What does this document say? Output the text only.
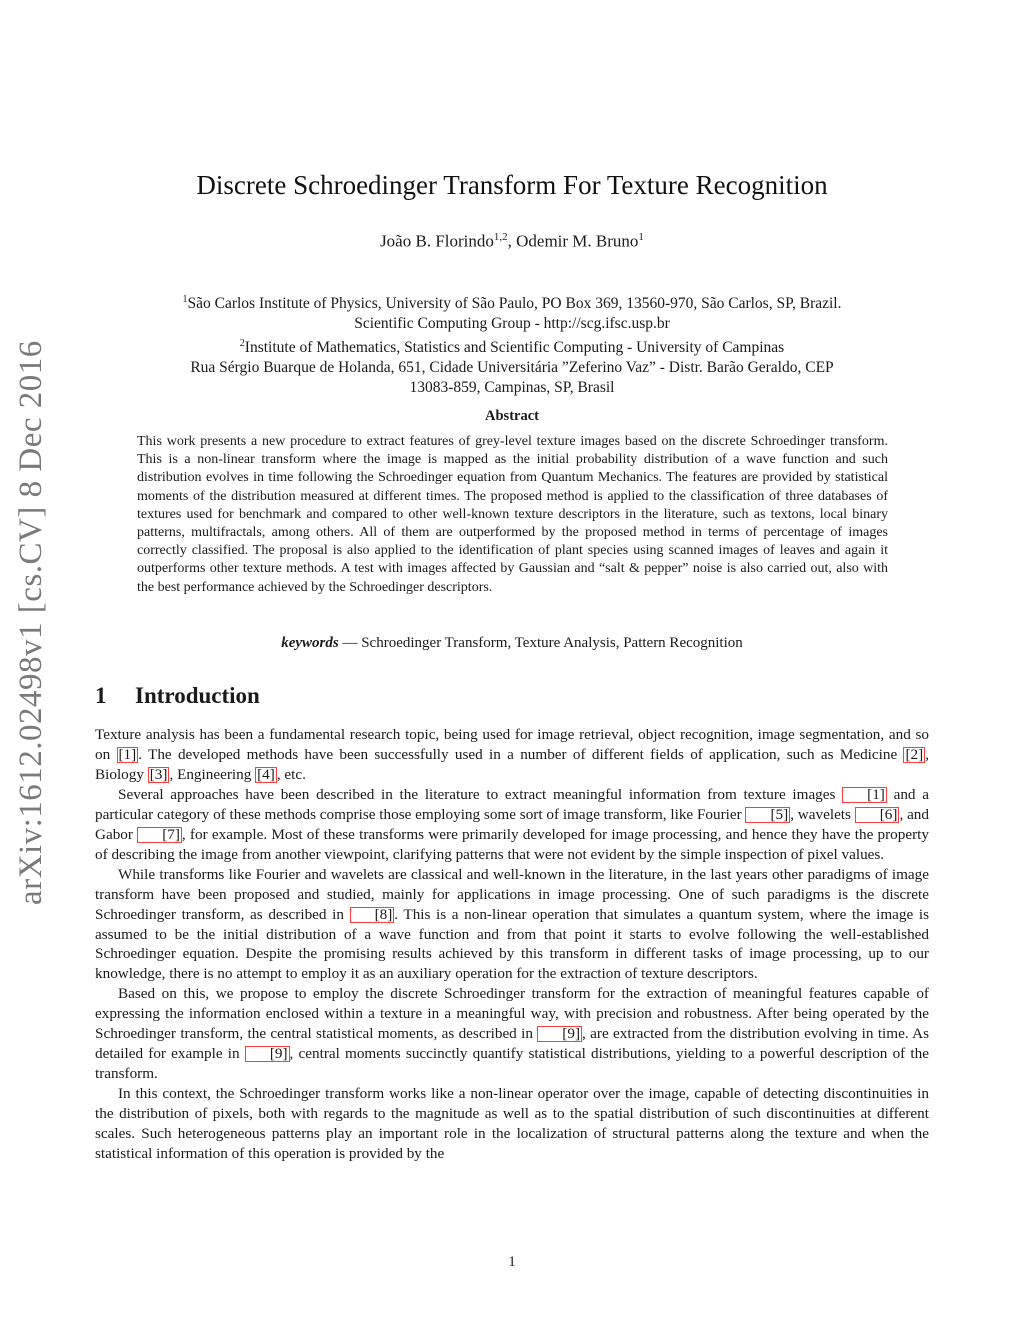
arXiv:1612.02498v1 [cs.CV] 8 Dec 2016
Discrete Schroedinger Transform For Texture Recognition
João B. Florindo$^{1,2}$, Odemir M. Bruno$^1$
$^1$São Carlos Institute of Physics, University of São Paulo, PO Box 369, 13560-970, São Carlos, SP, Brazil.
Scientific Computing Group - http://scg.ifsc.usp.br
$^2$Institute of Mathematics, Statistics and Scientific Computing - University of Campinas
Rua Sérgio Buarque de Holanda, 651, Cidade Universitária ”Zeferino Vaz” - Distr. Barão Geraldo, CEP
13083-859, Campinas, SP, Brasil
Abstract
This work presents a new procedure to extract features of grey-level texture images based on the discrete Schroedinger transform. This is a non-linear transform where the image is mapped as the initial probability distribution of a wave function and such distribution evolves in time following the Schroedinger equation from Quantum Mechanics. The features are provided by statistical moments of the distribution measured at different times. The proposed method is applied to the classification of three databases of textures used for benchmark and compared to other well-known texture descriptors in the literature, such as textons, local binary patterns, multifractals, among others. All of them are outperformed by the proposed method in terms of percentage of images correctly classified. The proposal is also applied to the identification of plant species using scanned images of leaves and again it outperforms other texture methods. A test with images affected by Gaussian and “salt & pepper” noise is also carried out, also with the best performance achieved by the Schroedinger descriptors.
keywords — Schroedinger Transform, Texture Analysis, Pattern Recognition
1 Introduction

Texture analysis has been a fundamental research topic, being used for image retrieval, object recognition, image segmentation, and so on [1] . The developed methods have been successfully used in a number of different fields of application, such as Medicine [2] , Biology [3] , Engineering [4] , etc.

Several approaches have been described in the literature to extract meaningful information from texture images [1] and a particular category of these methods comprise those employing some sort of image transform, like Fourier [5] , wavelets [6] , and Gabor [7] , for example. Most of these transforms were primarily developed for image processing, and hence they have the property of describing the image from another viewpoint, clarifying patterns that were not evident by the simple inspection of pixel values.

While transforms like Fourier and wavelets are classical and well-known in the literature, in the last years other paradigms of image transform have been proposed and studied, mainly for applications in image processing. One of such paradigms is the discrete Schroedinger transform, as described in [8] . This is a non-linear operation that simulates a quantum system, where the image is assumed to be the initial distribution of a wave function and from that point it starts to evolve following the well-established Schroedinger equation. Despite the promising results achieved by this transform in different tasks of image processing, up to our knowledge, there is no attempt to employ it as an auxiliary operation for the extraction of texture descriptors.

Based on this, we propose to employ the discrete Schroedinger transform for the extraction of meaningful features capable of expressing the information enclosed within a texture in a meaningful way, with precision and robustness. After being operated by the Schroedinger transform, the central statistical moments, as described in [9] , are extracted from the distribution evolving in time. As detailed for example in [9] , central moments succinctly quantify statistical distributions, yielding to a powerful description of the transform.

In this context, the Schroedinger transform works like a non-linear operator over the image, capable of detecting discontinuities in the distribution of pixels, both with regards to the magnitude as well as to the spatial distribution of such discontinuities at different scales. Such heterogeneous patterns play an important role in the localization of structural patterns along the texture and when the statistical information of this operation is provided by the

1
